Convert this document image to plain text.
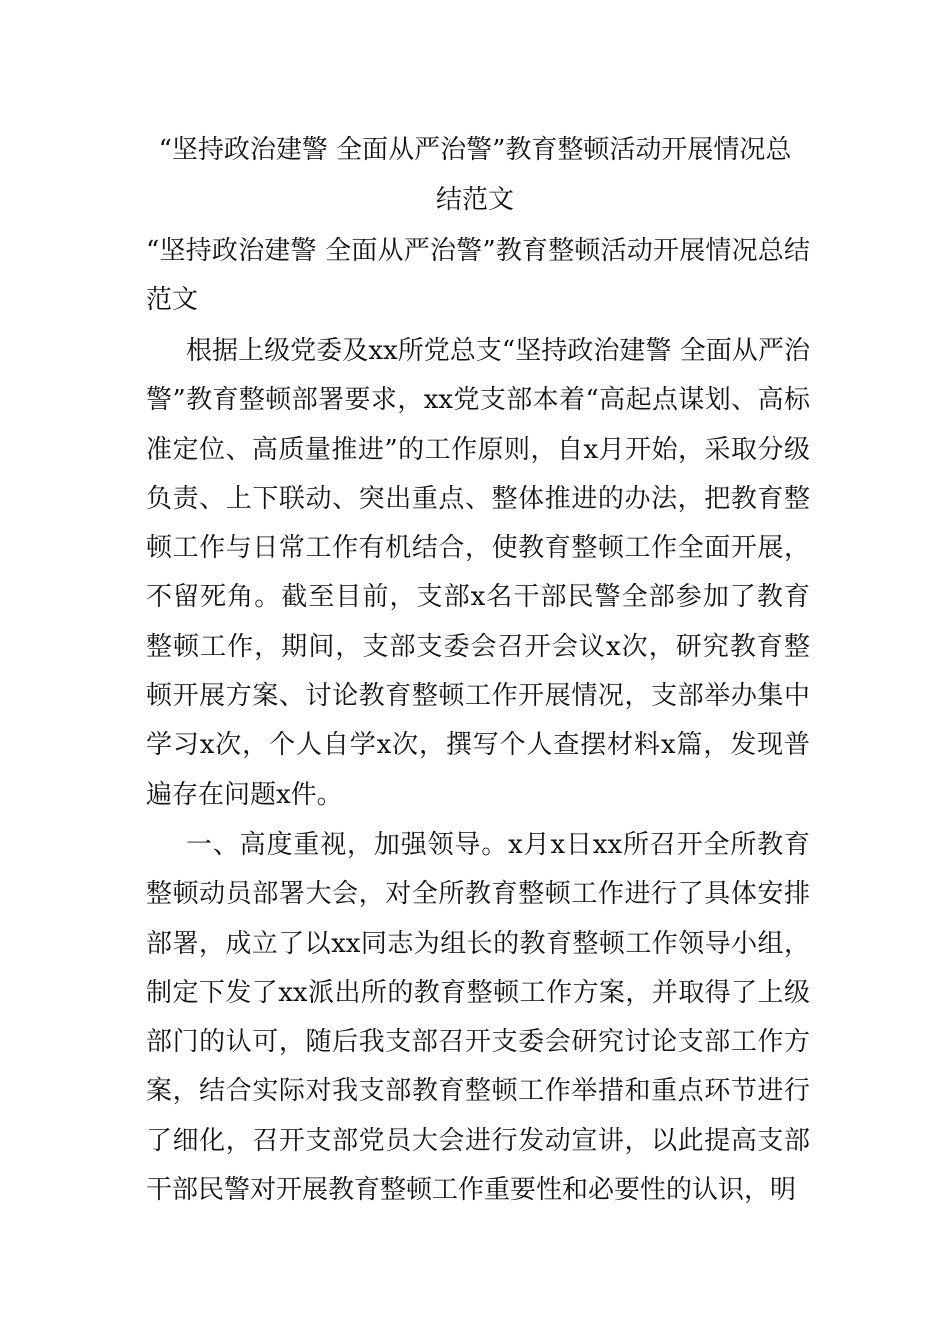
“坚持政治建警 全面从严治警”教育整顿活动开展情况总
结范文

“坚持政治建警 全面从严治警”教育整顿活动开展情况总结范文

根据上级党委及xx所党总支“坚持政治建警 全面从严治警”教育整顿部署要求，xx党支部本着“高起点谋划、高标准定位、高质量推进”的工作原则，自x月开始，采取分级负责、上下联动、突出重点、整体推进的办法，把教育整顿工作与日常工作有机结合，使教育整顿工作全面开展，不留死角。截至目前，支部x名干部民警全部参加了教育整顿工作，期间，支部支委会召开会议x次，研究教育整顿开展方案、讨论教育整顿工作开展情况，支部举办集中学习x次，个人自学x次，撰写个人查摆材料x篇，发现普遍存在问题x件。

一、高度重视，加强领导。x月x日xx所召开全所教育整顿动员部署大会，对全所教育整顿工作进行了具体安排部署，成立了以xx同志为组长的教育整顿工作领导小组，制定下发了xx派出所的教育整顿工作方案，并取得了上级部门的认可，随后我支部召开支委会研究讨论支部工作方案，结合实际对我支部教育整顿工作举措和重点环节进行了细化，召开支部党员大会进行发动宣讲，以此提高支部干部民警对开展教育整顿工作重要性和必要性的认识，明
